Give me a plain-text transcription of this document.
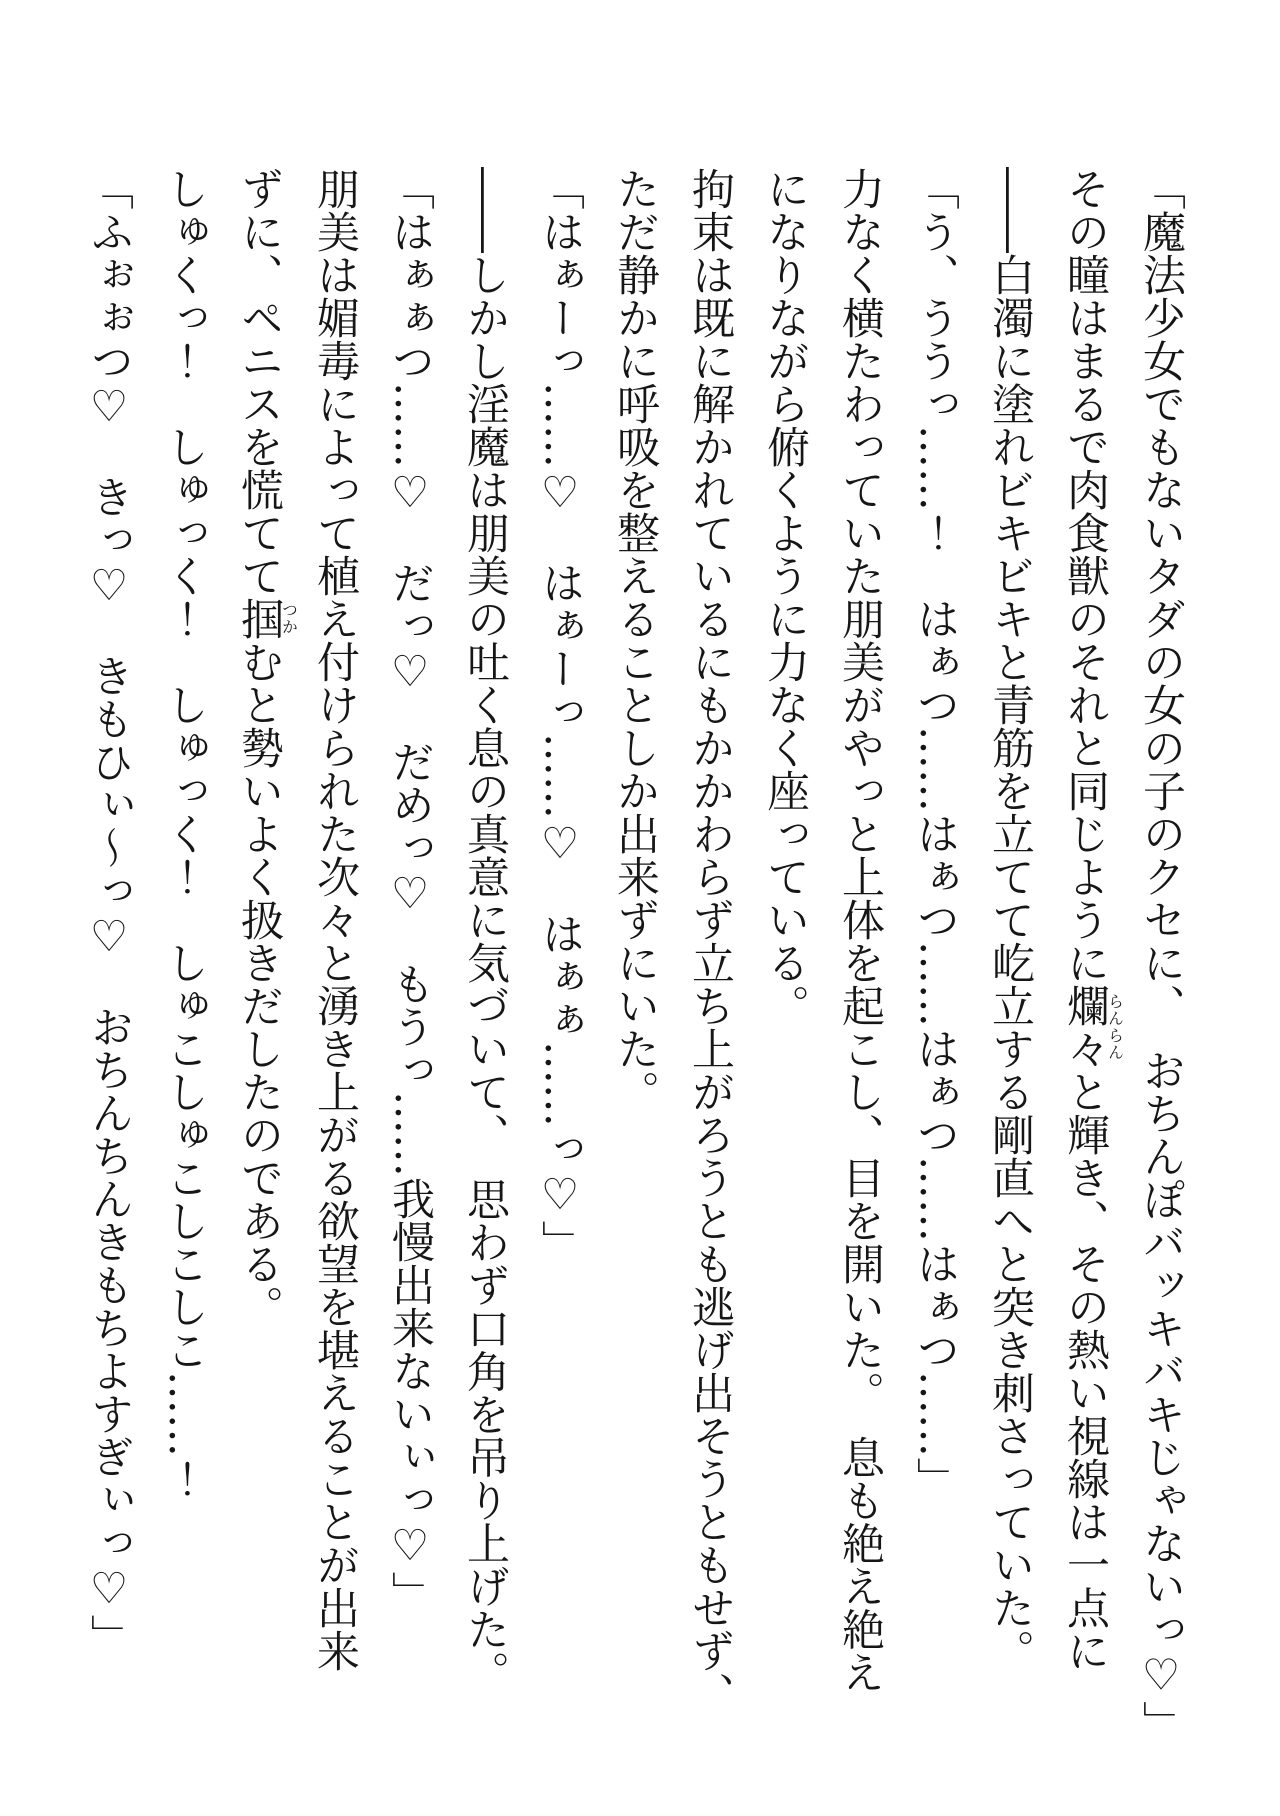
「魔法少女でもないタダの女の子のクセに、　おちんぽバッキバキじゃないっ♡」
その瞳はまるで肉食獣のそれと同じように爛々らんらんと輝き、その熱い視線は一点に
――白濁に塗れビキビキと青筋を立てて屹立する剛直へと突き刺さっていた。
「う、ううっ……！　はぁつ……はぁつ……はぁつ……はぁつ……」
力なく横たわっていた朋美がやっと上体を起こし、目を開いた。　息も絶え絶え
になりながら俯くように力なく座っている。
拘束は既に解かれているにもかかわらず立ち上がろうとも逃げ出そうともせず、
ただ静かに呼吸を整えることしか出来ずにいた。
「はぁーっ……♡　はぁーっ……♡　はぁぁ……っ♡」
――しかし淫魔は朋美の吐く息の真意に気づいて、　思わず口角を吊り上げた。
「はぁぁつ……♡　だっ♡　だめっ♡　もうっ……我慢出来ないぃっ♡」
朋美は媚毒によって植え付けられた次々と湧き上がる欲望を堪えることが出来
ずに、ペニスを慌てて掴つかむと勢いよく扱きだしたのである。
しゅくっ！　しゅっく！　しゅっく！　しゅこしゅこしこしこ……！
「ふぉぉつ♡　きっ♡　きもひぃ〜っ♡　おちんちんきもちよすぎぃっ♡」
